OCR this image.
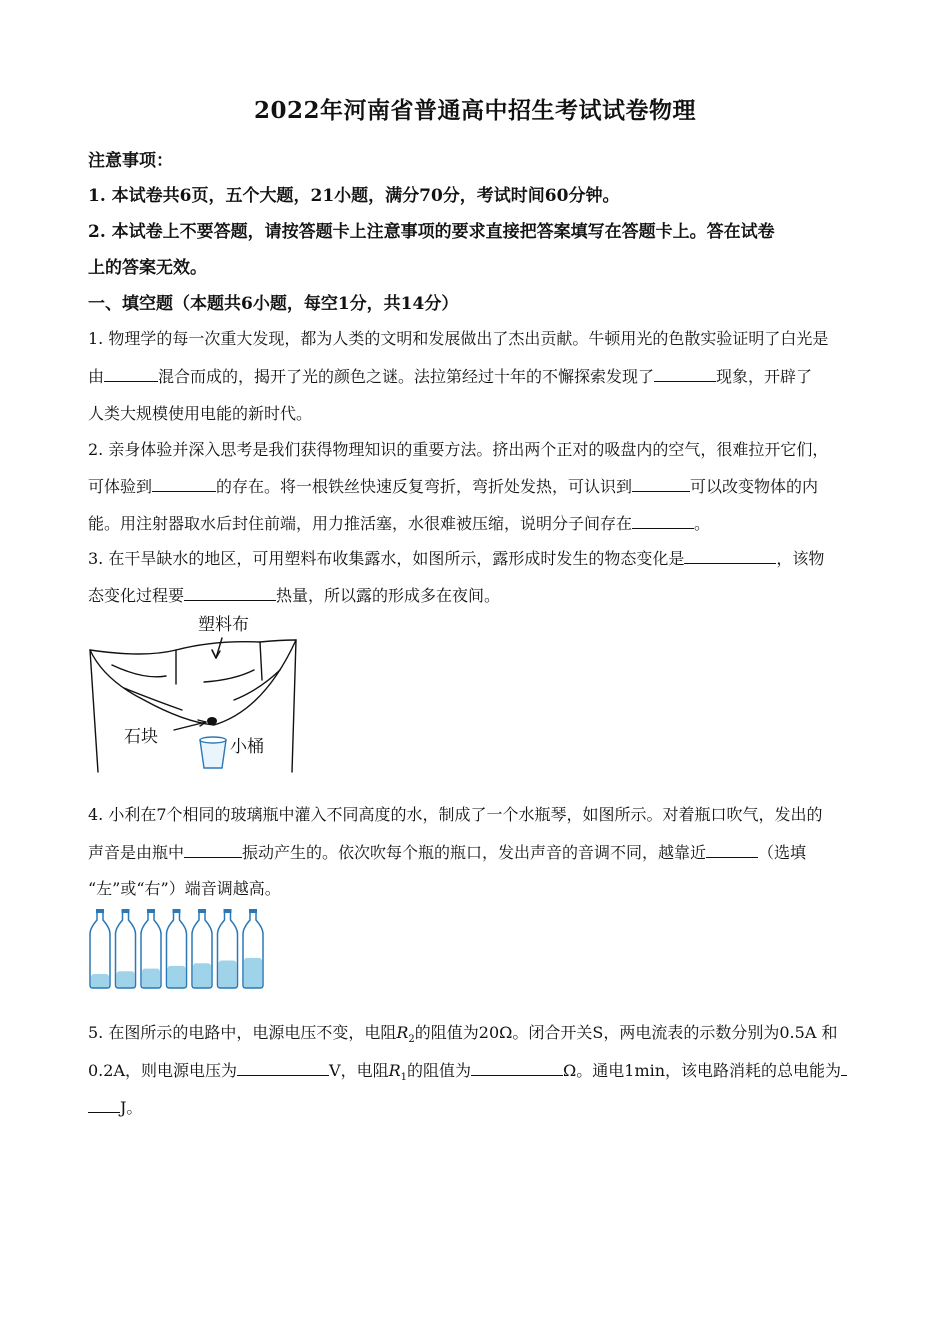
2022年河南省普通高中招生考试试卷物理
注意事项：
1. 本试卷共6页，五个大题，21小题，满分70分，考试时间60分钟。
2. 本试卷上不要答题，请按答题卡上注意事项的要求直接把答案填写在答题卡上。答在试卷
上的答案无效。
一、填空题（本题共6小题，每空1分，共14分）
1. 物理学的每一次重大发现，都为人类的文明和发展做出了杰出贡献。牛顿用光的色散实验证明了白光是
由	混合而成的，揭开了光的颜色之谜。法拉第经过十年的不懈探索发现了	现象，开辟了
人类大规模使用电能的新时代。
2. 亲身体验并深入思考是我们获得物理知识的重要方法。挤出两个正对的吸盘内的空气，很难拉开它们，
可体验到	的存在。将一根铁丝快速反复弯折，弯折处发热，可认识到	可以改变物体的内
能。用注射器取水后封住前端，用力推活塞，水很难被压缩，说明分子间存在	。
3. 在干旱缺水的地区，可用塑料布收集露水，如图所示，露形成时发生的物态变化是	，该物
态变化过程要	热量，所以露的形成多在夜间。
塑料布
石块	小桶
4. 小利在7个相同的玻璃瓶中灌入不同高度的水，制成了一个水瓶琴，如图所示。对着瓶口吹气，发出的
声音是由瓶中	振动产生的。依次吹每个瓶的瓶口，发出声音的音调不同，越靠近	（选填
“左”或“右”）端音调越高。
5. 在图所示的电路中，电源电压不变，电阻$R_2$的阻值为20Ω。闭合开关S，两电流表的示数分别为0.5A 和
0.2A，则电源电压为	V，电阻$R_1$的阻值为	Ω。通电1min，该电路消耗的总电能为
J。
